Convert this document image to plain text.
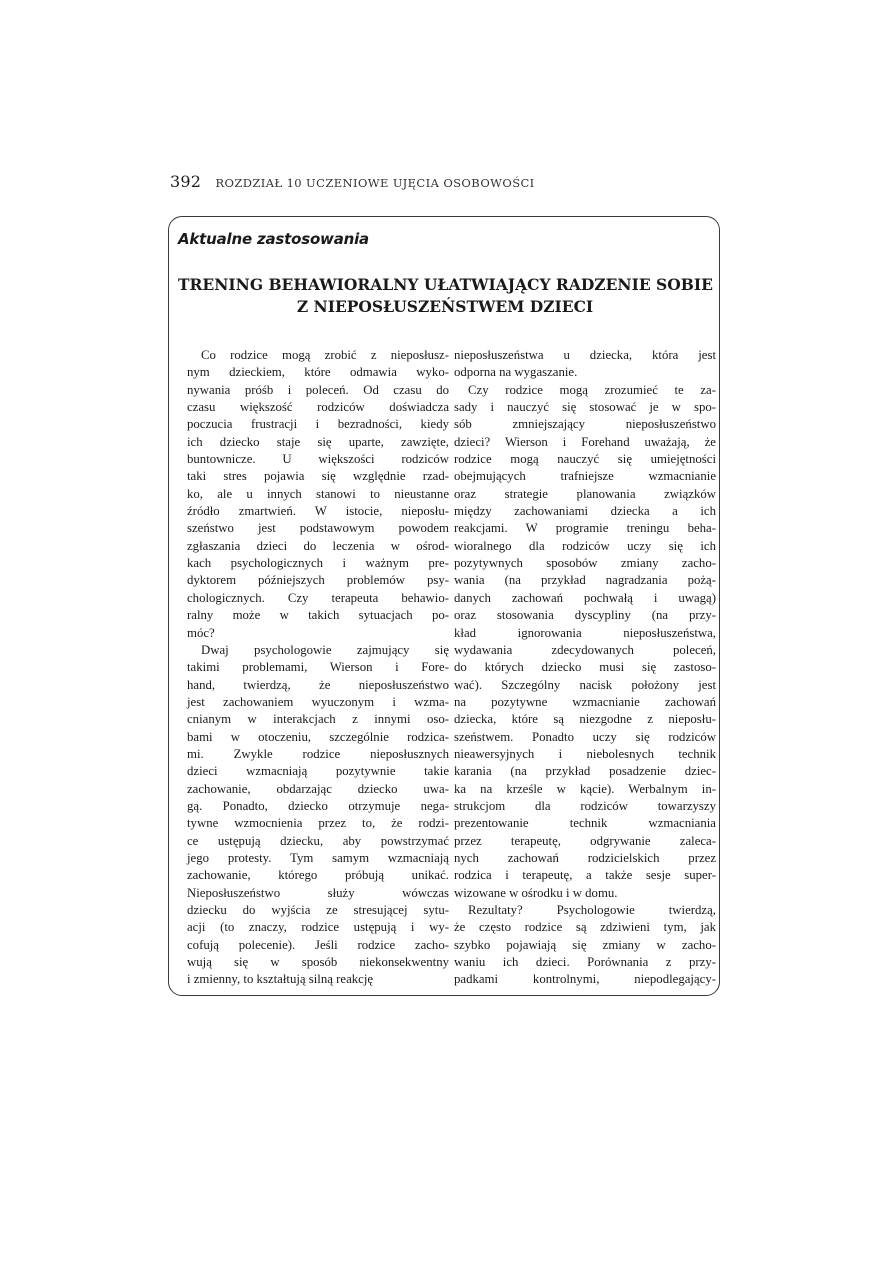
392 ROZDZIAŁ 10 UCZENIOWE UJĘCIA OSOBOWOŚCI
Aktualne zastosowania
TRENING BEHAWIORALNY UŁATWIAJĄCY RADZENIE SOBIE
Z NIEPOSŁUSZEŃSTWEM DZIECI
Co rodzice mogą zrobić z nieposłusz-
nym dzieckiem, które odmawia wyko-
nywania próśb i poleceń. Od czasu do
czasu większość rodziców doświadcza
poczucia frustracji i bezradności, kiedy
ich dziecko staje się uparte, zawzięte,
buntownicze. U większości rodziców
taki stres pojawia się względnie rzad-
ko, ale u innych stanowi to nieustanne
źródło zmartwień. W istocie, nieposłu-
szeństwo jest podstawowym powodem
zgłaszania dzieci do leczenia w ośrod-
kach psychologicznych i ważnym pre-
dyktorem późniejszych problemów psy-
chologicznych. Czy terapeuta behawio-
ralny może w takich sytuacjach po-
móc?
Dwaj psychologowie zajmujący się
takimi problemami, Wierson i Fore-
hand, twierdzą, że nieposłuszeństwo
jest zachowaniem wyuczonym i wzma-
cnianym w interakcjach z innymi oso-
bami w otoczeniu, szczególnie rodzica-
mi. Zwykle rodzice nieposłusznych
dzieci wzmacniają pozytywnie takie
zachowanie, obdarzając dziecko uwa-
gą. Ponadto, dziecko otrzymuje nega-
tywne wzmocnienia przez to, że rodzi-
ce ustępują dziecku, aby powstrzymać
jego protesty. Tym samym wzmacniają
zachowanie, którego próbują unikać.
Nieposłuszeństwo służy wówczas
dziecku do wyjścia ze stresującej sytu-
acji (to znaczy, rodzice ustępują i wy-
cofują polecenie). Jeśli rodzice zacho-
wują się w sposób niekonsekwentny
i zmienny, to kształtują silną reakcję
nieposłuszeństwa u dziecka, która jest
odporna na wygaszanie.
Czy rodzice mogą zrozumieć te za-
sady i nauczyć się stosować je w spo-
sób zmniejszający nieposłuszeństwo
dzieci? Wierson i Forehand uważają, że
rodzice mogą nauczyć się umiejętności
obejmujących trafniejsze wzmacnianie
oraz strategie planowania związków
między zachowaniami dziecka a ich
reakcjami. W programie treningu beha-
wioralnego dla rodziców uczy się ich
pozytywnych sposobów zmiany zacho-
wania (na przykład nagradzania pożą-
danych zachowań pochwałą i uwagą)
oraz stosowania dyscypliny (na przy-
kład ignorowania nieposłuszeństwa,
wydawania zdecydowanych poleceń,
do których dziecko musi się zastoso-
wać). Szczególny nacisk położony jest
na pozytywne wzmacnianie zachowań
dziecka, które są niezgodne z nieposłu-
szeństwem. Ponadto uczy się rodziców
nieawersyjnych i niebolesnych technik
karania (na przykład posadzenie dziec-
ka na krześle w kącie). Werbalnym in-
strukcjom dla rodziców towarzyszy
prezentowanie technik wzmacniania
przez terapeutę, odgrywanie zaleca-
nych zachowań rodzicielskich przez
rodzica i terapeutę, a także sesje super-
wizowane w ośrodku i w domu.
Rezultaty? Psychologowie twierdzą,
że często rodzice są zdziwieni tym, jak
szybko pojawiają się zmiany w zacho-
waniu ich dzieci. Porównania z przy-
padkami kontrolnymi, niepodlegający-
